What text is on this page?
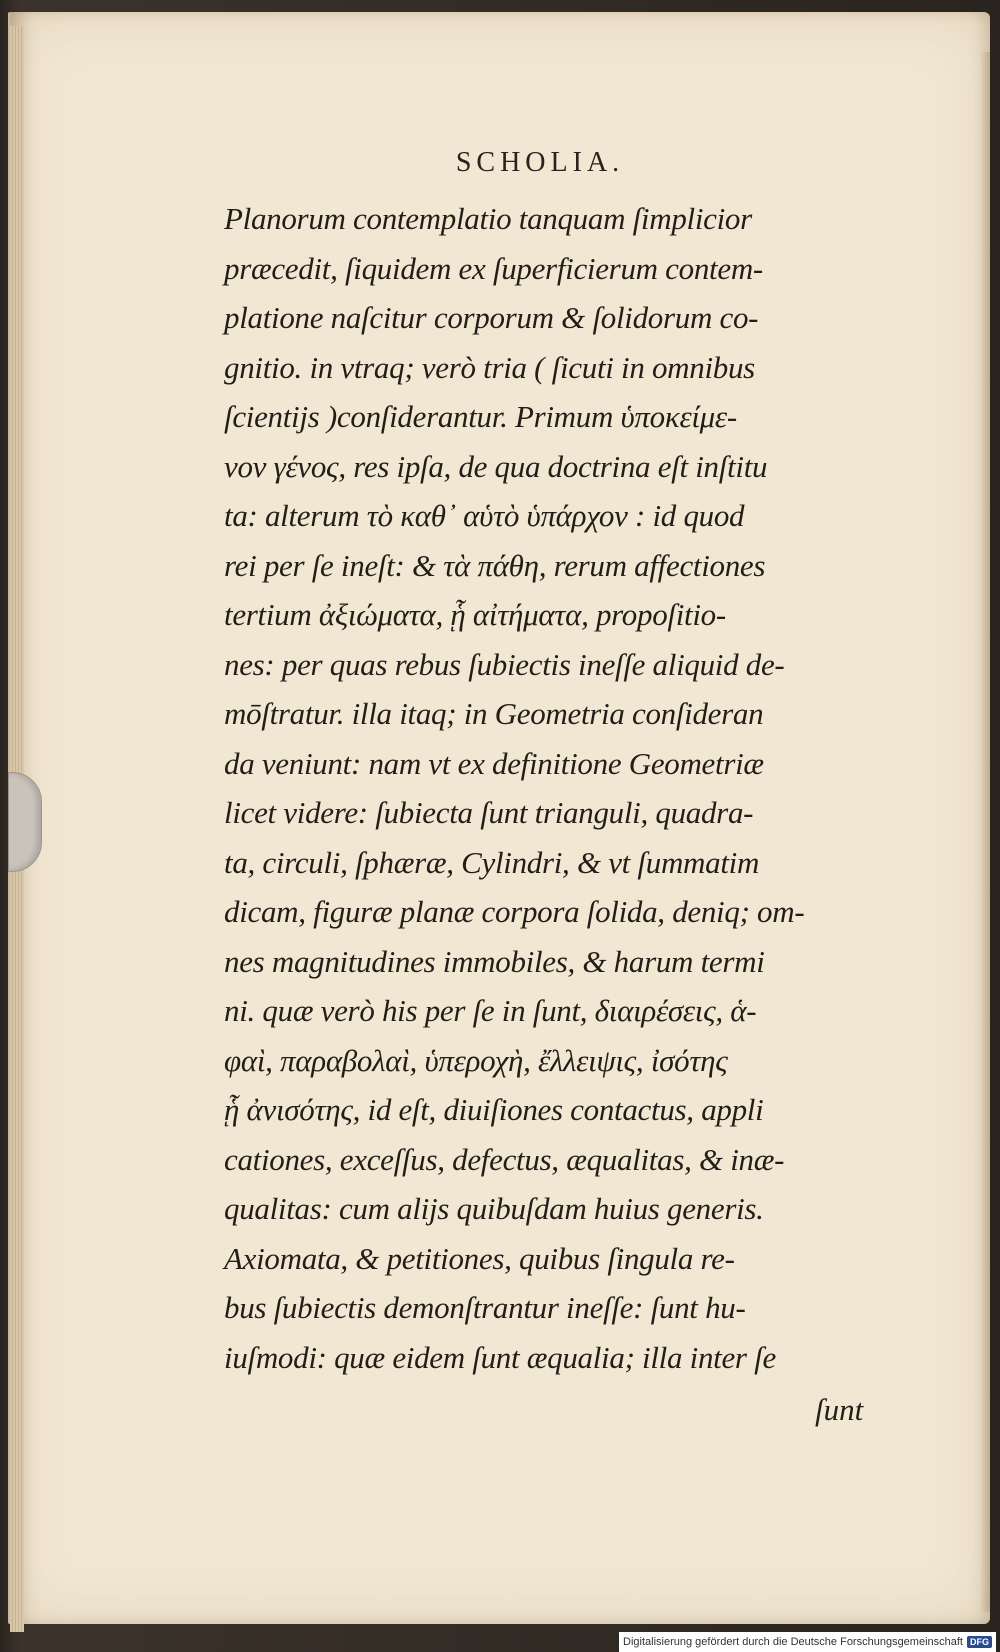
SCHOLIA.
Planorum contemplatio tanquam ſimplicior
præcedit, ſiquidem ex ſuperficierum contem-
platione naſcitur corporum & ſolidorum co-
gnitio. in vtraq; verò tria ( ſicuti in omnibus
ſcientijs )conſiderantur. Primum ὑποκείμε-
νον γένος, res ipſa, de qua doctrina eſt inſtitu
ta: alterum τὸ καθ᾽ αὑτὸ ὑπάρχον : id quod
rei per ſe ineſt: & τὰ πάθη, rerum affectiones
tertium ἀξιώματα, ᾗ αἰτήματα, propoſitio-
nes: per quas rebus ſubiectis ineſſe aliquid de-
mōſtratur. illa itaq; in Geometria conſideran
da veniunt: nam vt ex definitione Geometriæ
licet videre: ſubiecta ſunt trianguli, quadra-
ta, circuli, ſphæræ, Cylindri, & vt ſummatim
dicam, figuræ planæ corpora ſolida, deniq; om-
nes magnitudines immobiles, & harum termi
ni. quæ verò his per ſe in ſunt, διαιρέσεις, ἁ-
φαὶ, παραβολαὶ, ὑπεροχὴ, ἔλλειψις, ἰσότης
ᾗ ἀνισότης, id eſt, diuiſiones contactus, appli
cationes, exceſſus, defectus, æqualitas, & inæ-
qualitas: cum alijs quibuſdam huius generis.
Axiomata, & petitiones, quibus ſingula re-
bus ſubiectis demonſtrantur ineſſe: ſunt hu-
iuſmodi: quæ eidem ſunt æqualia; illa inter ſe
ſunt
Digitalisierung gefördert durch die Deutsche Forschungsgemeinschaft DFG
